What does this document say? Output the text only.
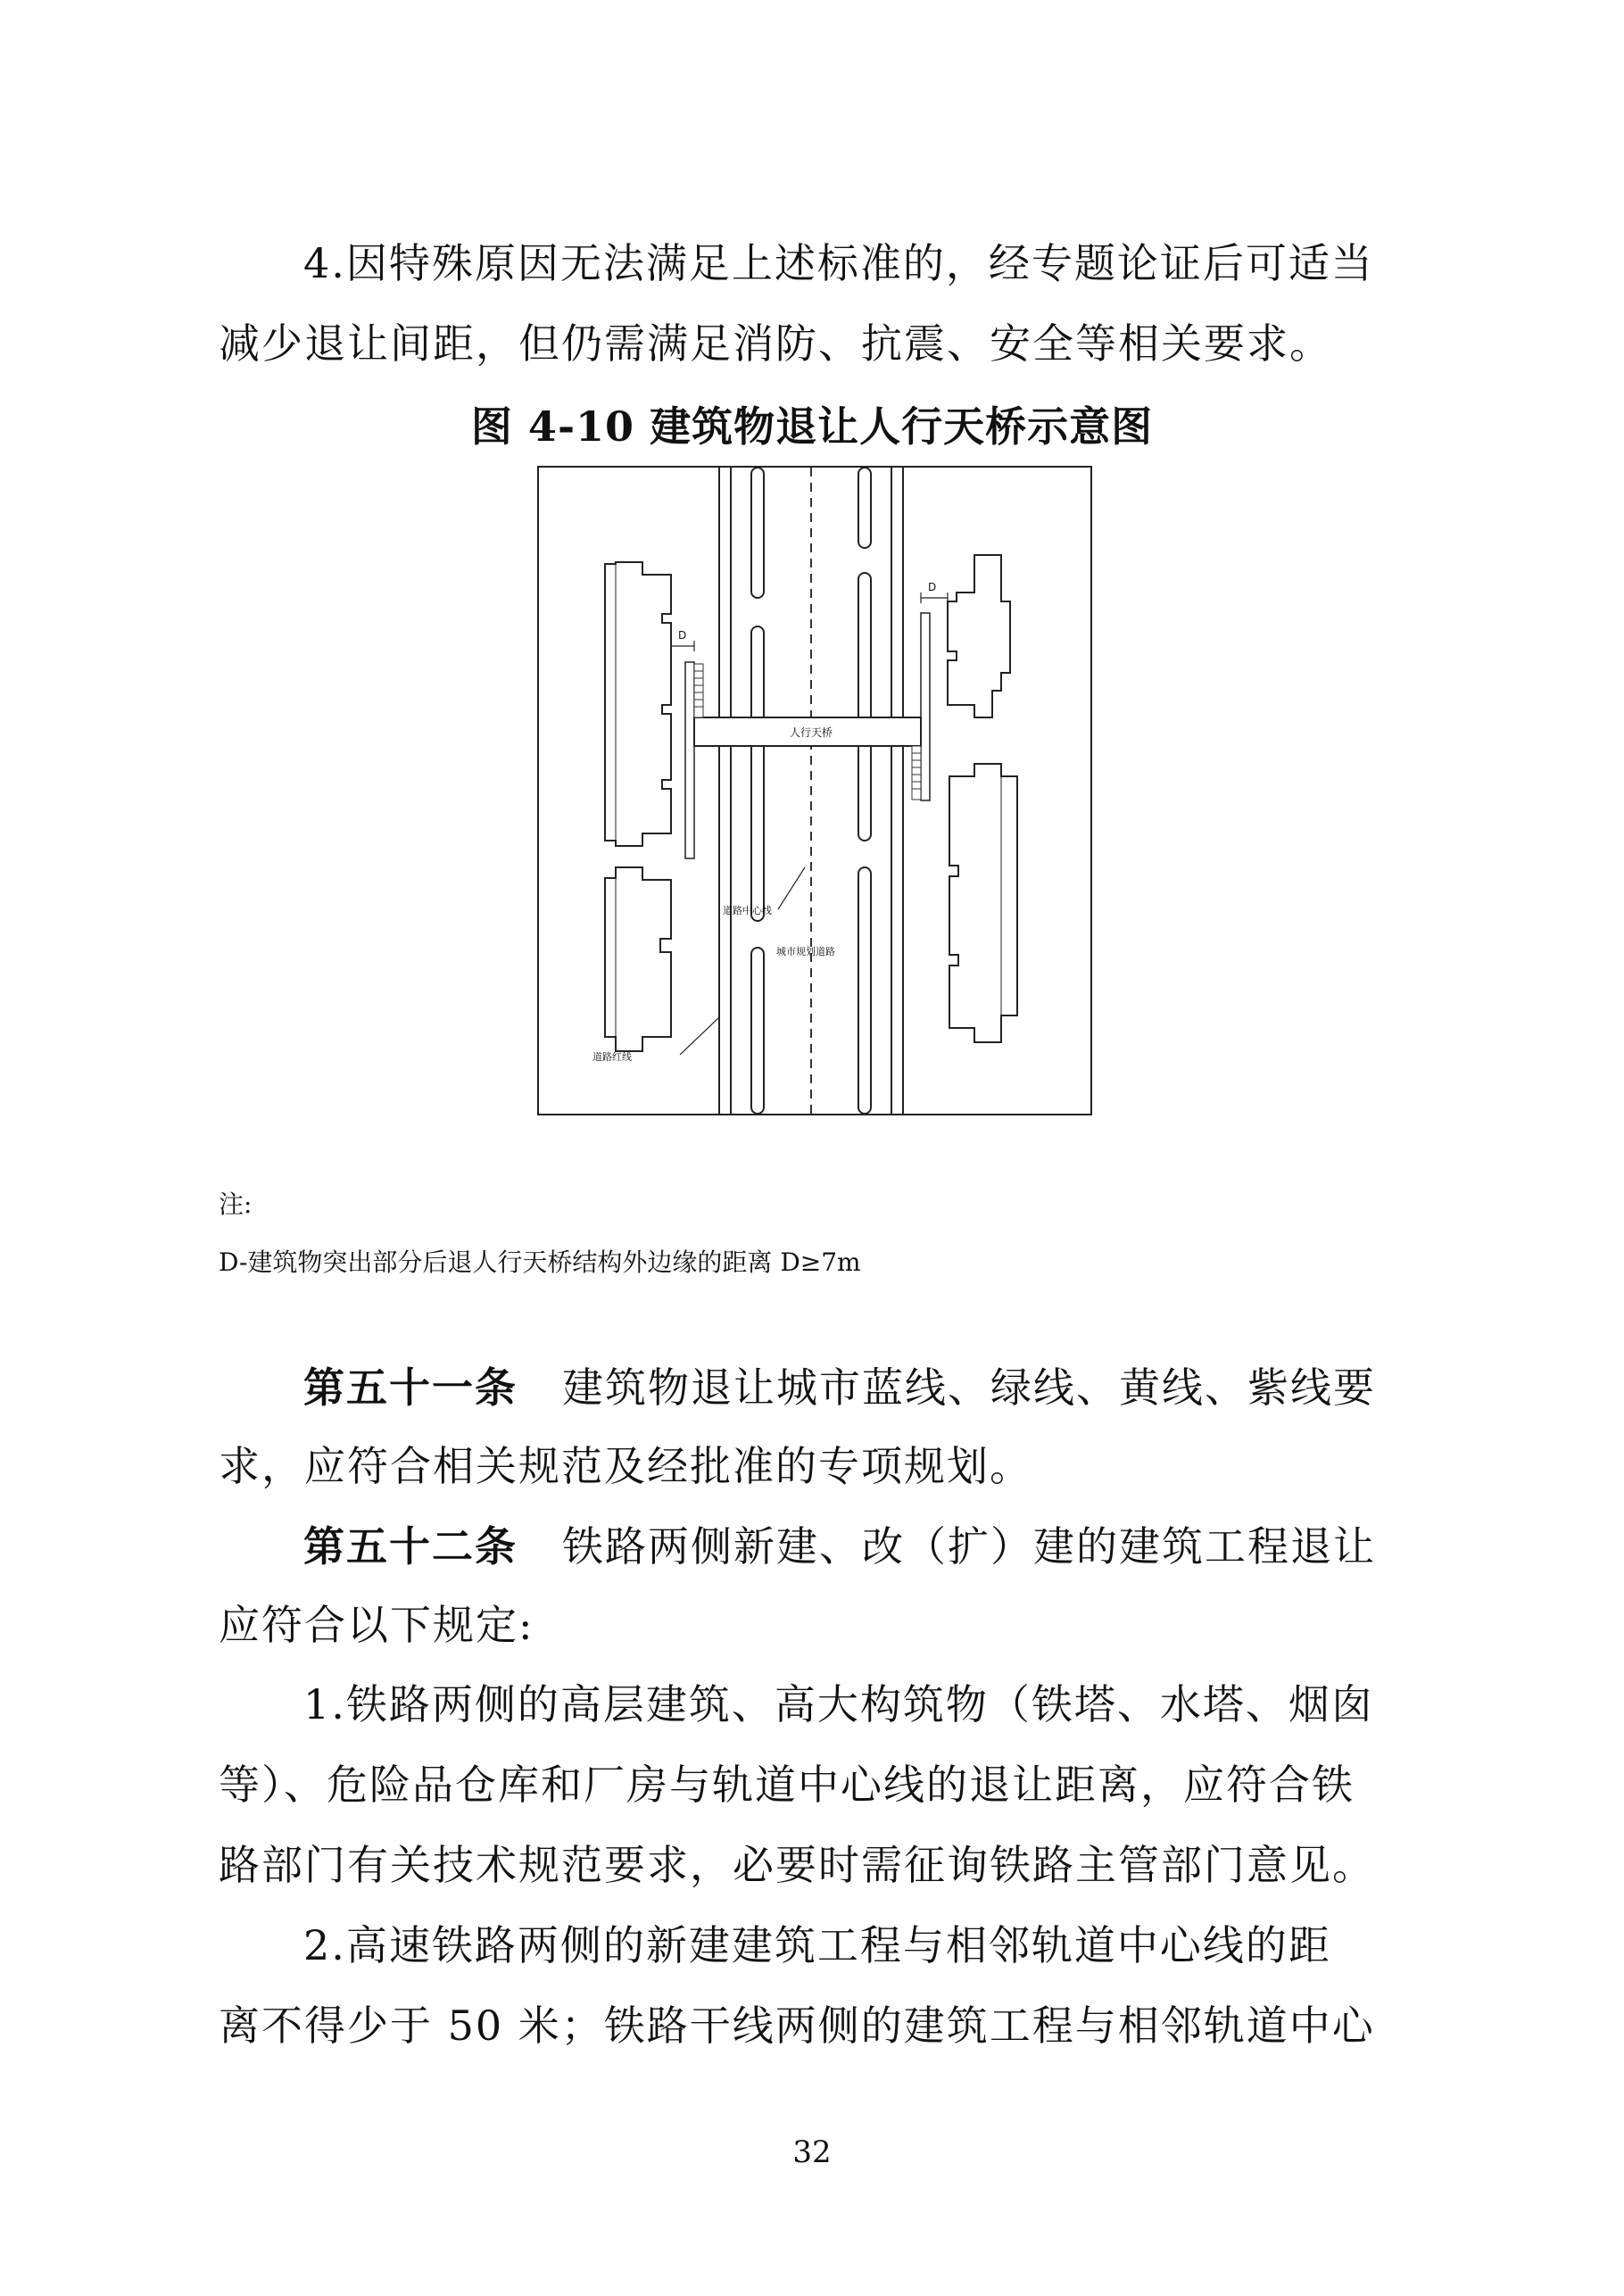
4.因特殊原因无法满足上述标准的，经专题论证后可适当
减少退让间距，但仍需满足消防、抗震、安全等相关要求。
图 4-10 建筑物退让人行天桥示意图
人行天桥
D
D
道路中心线
城市规划道路
道路红线
注:
D-建筑物突出部分后退人行天桥结构外边缘的距离 D≥7m
第五十一条 建筑物退让城市蓝线、绿线、黄线、紫线要
求，应符合相关规范及经批准的专项规划。
第五十二条 铁路两侧新建、改（扩）建的建筑工程退让
应符合以下规定:
1.铁路两侧的高层建筑、高大构筑物（铁塔、水塔、烟囱
等）、危险品仓库和厂房与轨道中心线的退让距离，应符合铁
路部门有关技术规范要求，必要时需征询铁路主管部门意见。
2.高速铁路两侧的新建建筑工程与相邻轨道中心线的距
离不得少于 50 米；铁路干线两侧的建筑工程与相邻轨道中心
32
